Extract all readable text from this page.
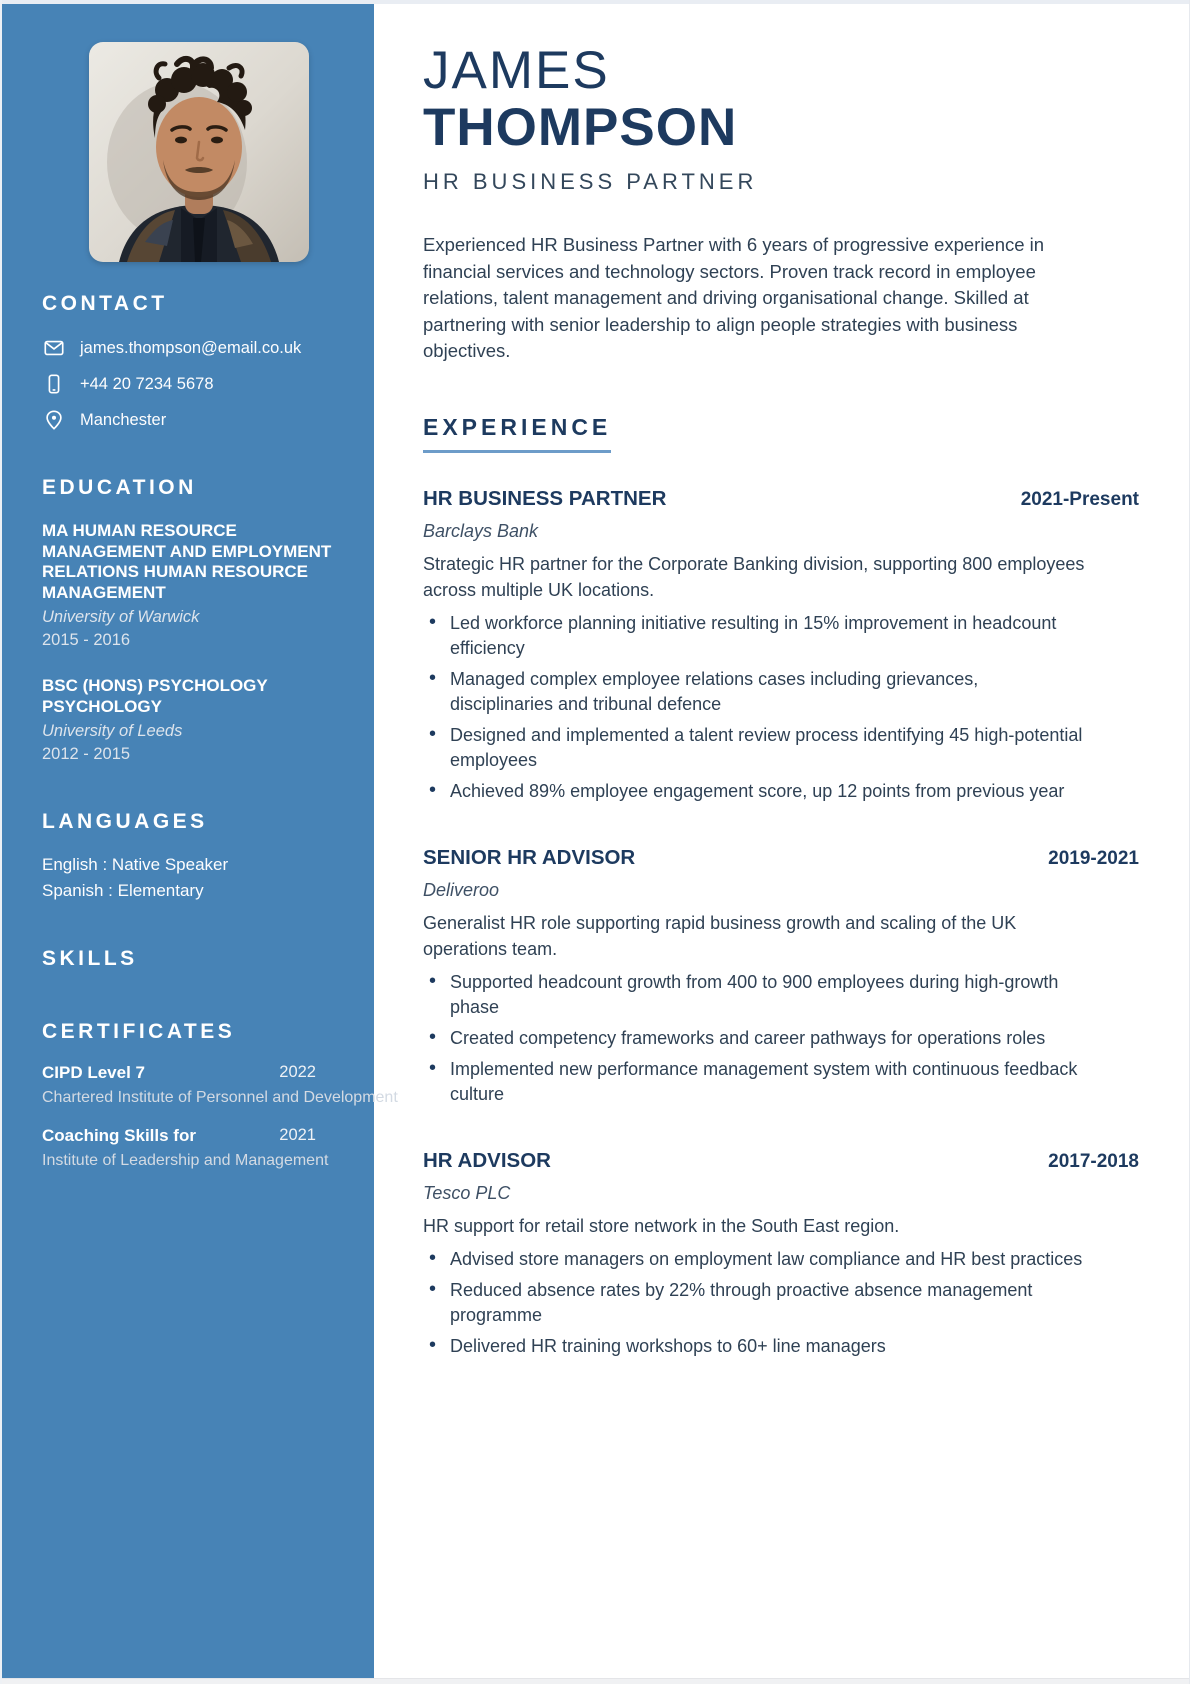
CONTACT
james.thompson@email.co.uk
+44 20 7234 5678
Manchester
EDUCATION
MA HUMAN RESOURCE MANAGEMENT AND EMPLOYMENT RELATIONS HUMAN RESOURCE MANAGEMENT
University of Warwick
2015 - 2016
BSC (HONS) PSYCHOLOGY PSYCHOLOGY
University of Leeds
2012 - 2015
LANGUAGES
English : Native Speaker
Spanish : Elementary
SKILLS
CERTIFICATES
CIPD Level 7	2022
Chartered Institute of Personnel and Development
Coaching Skills for	2021
Institute of Leadership and Management
JAMES
THOMPSON
HR BUSINESS PARTNER

Experienced HR Business Partner with 6 years of progressive experience in financial services and technology sectors. Proven track record in employee relations, talent management and driving organisational change. Skilled at partnering with senior leadership to align people strategies with business objectives.

EXPERIENCE
HR BUSINESS PARTNER	2021-Present
Barclays Bank

Strategic HR partner for the Corporate Banking division, supporting 800 employees across multiple UK locations.

• Led workforce planning initiative resulting in 15% improvement in headcount efficiency
• Managed complex employee relations cases including grievances, disciplinaries and tribunal defence
• Designed and implemented a talent review process identifying 45 high-potential employees
• Achieved 89% employee engagement score, up 12 points from previous year
SENIOR HR ADVISOR	2019-2021
Deliveroo

Generalist HR role supporting rapid business growth and scaling of the UK operations team.

• Supported headcount growth from 400 to 900 employees during high-growth phase
• Created competency frameworks and career pathways for operations roles
• Implemented new performance management system with continuous feedback culture
HR ADVISOR	2017-2018
Tesco PLC

HR support for retail store network in the South East region.

• Advised store managers on employment law compliance and HR best practices
• Reduced absence rates by 22% through proactive absence management programme
• Delivered HR training workshops to 60+ line managers
